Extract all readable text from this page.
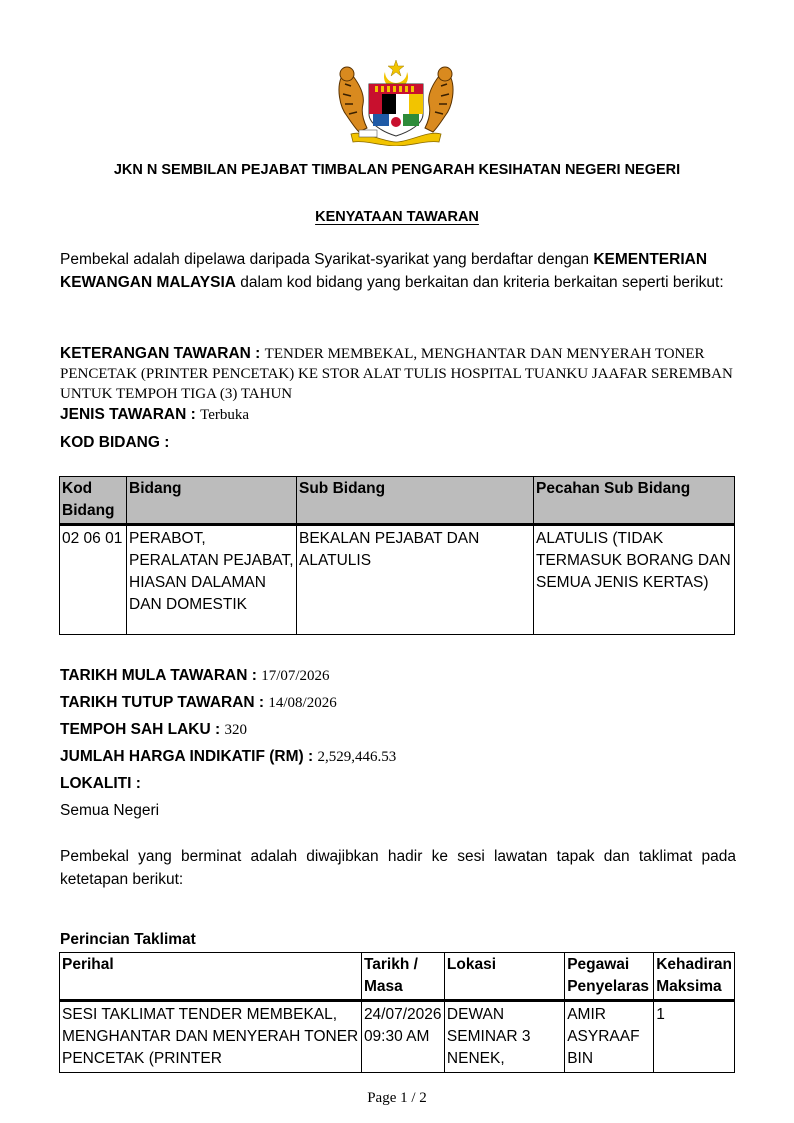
JKN N SEMBILAN PEJABAT TIMBALAN PENGARAH KESIHATAN NEGERI NEGERI
KENYATAAN TAWARAN
Pembekal adalah dipelawa daripada Syarikat-syarikat yang berdaftar dengan KEMENTERIAN KEWANGAN MALAYSIA dalam kod bidang yang berkaitan dan kriteria berkaitan seperti berikut:
KETERANGAN TAWARAN : TENDER MEMBEKAL, MENGHANTAR DAN MENYERAH TONER PENCETAK (PRINTER PENCETAK) KE STOR ALAT TULIS HOSPITAL TUANKU JAAFAR SEREMBAN UNTUK TEMPOH TIGA (3) TAHUN
JENIS TAWARAN : Terbuka
KOD BIDANG :
Kod Bidang	Bidang	Sub Bidang	Pecahan Sub Bidang
02 06 01	PERABOT, PERALATAN PEJABAT, HIASAN DALAMAN DAN DOMESTIK	BEKALAN PEJABAT DAN ALATULIS	ALATULIS (TIDAK TERMASUK BORANG DAN SEMUA JENIS KERTAS)
TARIKH MULA TAWARAN : 17/07/2026
TARIKH TUTUP TAWARAN : 14/08/2026
TEMPOH SAH LAKU : 320
JUMLAH HARGA INDIKATIF (RM) : 2,529,446.53
LOKALITI :
Semua Negeri
Pembekal yang berminat adalah diwajibkan hadir ke sesi lawatan tapak dan taklimat pada ketetapan berikut:
Perincian Taklimat
Perihal	Tarikh / Masa	Lokasi	Pegawai Penyelaras	Kehadiran Maksima
SESI TAKLIMAT TENDER MEMBEKAL, MENGHANTAR DAN MENYERAH TONER PENCETAK (PRINTER	24/07/2026 09:30 AM	DEWAN SEMINAR 3 NENEK,	AMIR ASYRAAF BIN	1
Page 1 / 2
